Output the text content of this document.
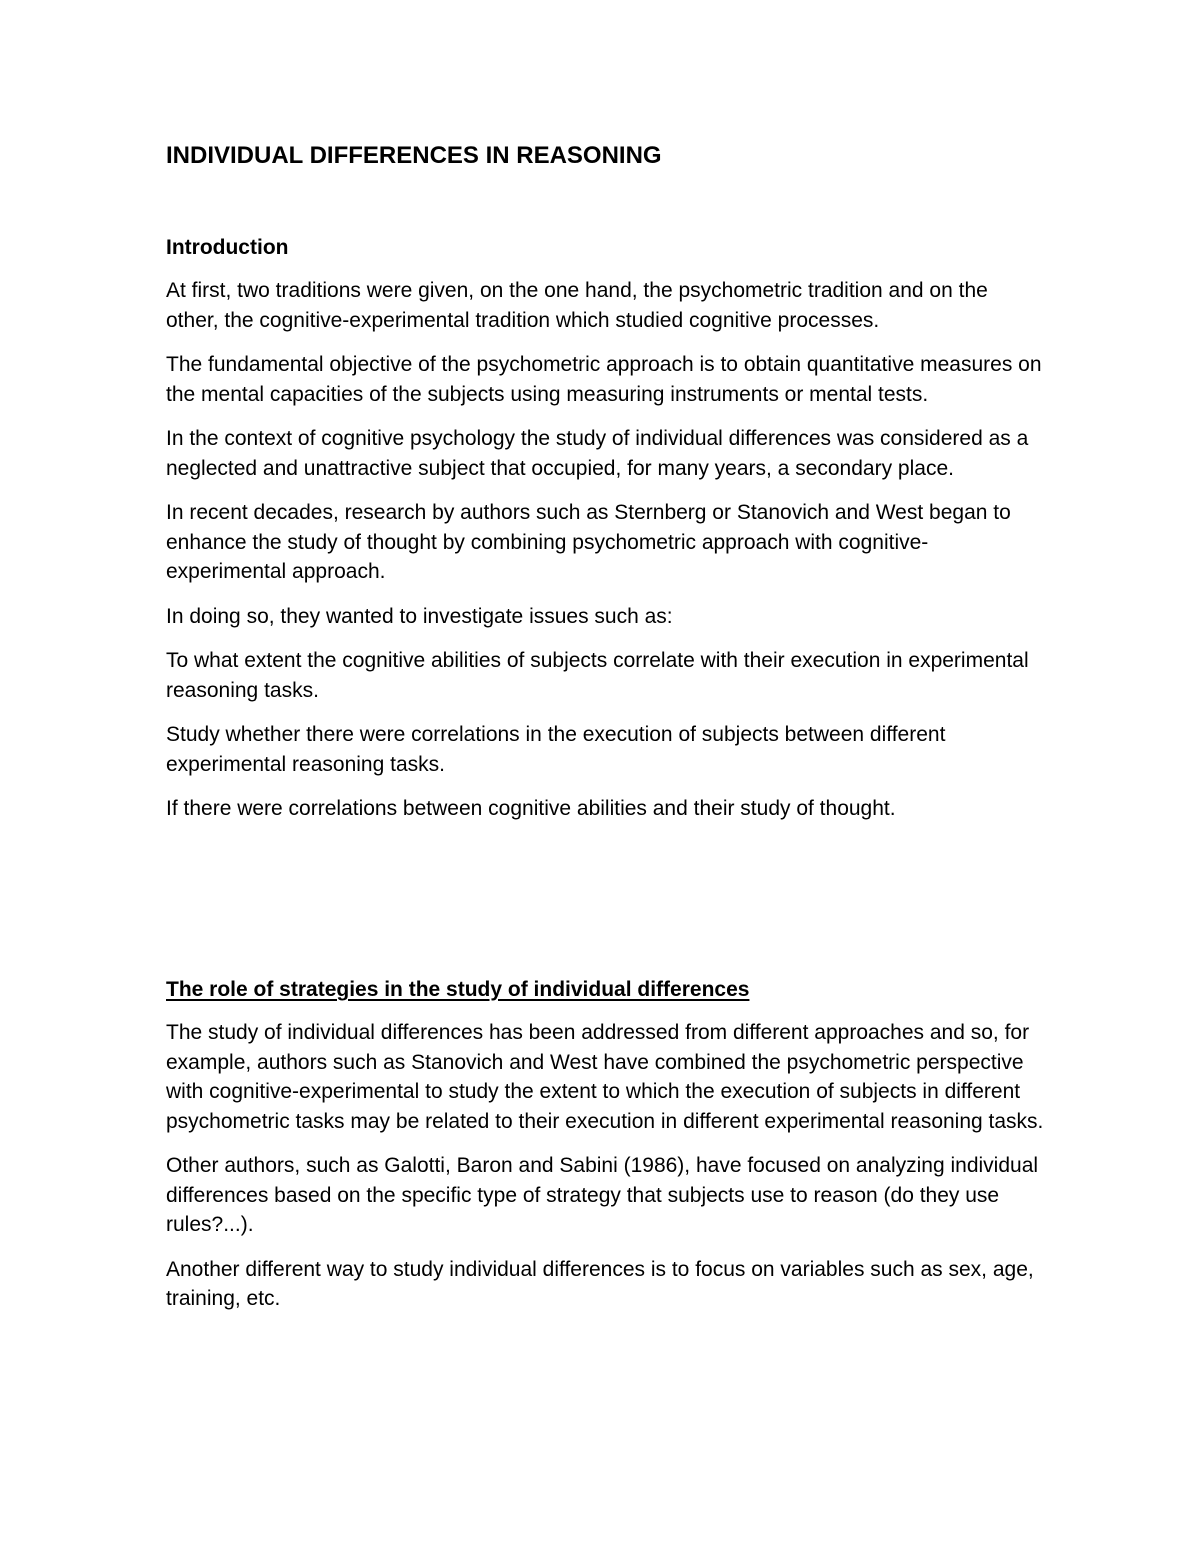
INDIVIDUAL DIFFERENCES IN REASONING
Introduction

At first, two traditions were given, on the one hand, the psychometric tradition and on the other, the cognitive-experimental tradition which studied cognitive processes.

The fundamental objective of the psychometric approach is to obtain quantitative measures on the mental capacities of the subjects using measuring instruments or mental tests.

In the context of cognitive psychology the study of individual differences was considered as a neglected and unattractive subject that occupied, for many years, a secondary place.

In recent decades, research by authors such as Sternberg or Stanovich and West began to enhance the study of thought by combining psychometric approach with cognitive-experimental approach.

In doing so, they wanted to investigate issues such as:

To what extent the cognitive abilities of subjects correlate with their execution in experimental reasoning tasks.

Study whether there were correlations in the execution of subjects between different experimental reasoning tasks.

If there were correlations between cognitive abilities and their study of thought.

The role of strategies in the study of individual differences

The study of individual differences has been addressed from different approaches and so, for example, authors such as Stanovich and West have combined the psychometric perspective with cognitive-experimental to study the extent to which the execution of subjects in different psychometric tasks may be related to their execution in different experimental reasoning tasks.

Other authors, such as Galotti, Baron and Sabini (1986), have focused on analyzing individual differences based on the specific type of strategy that subjects use to reason (do they use rules?...).

Another different way to study individual differences is to focus on variables such as sex, age, training, etc.
